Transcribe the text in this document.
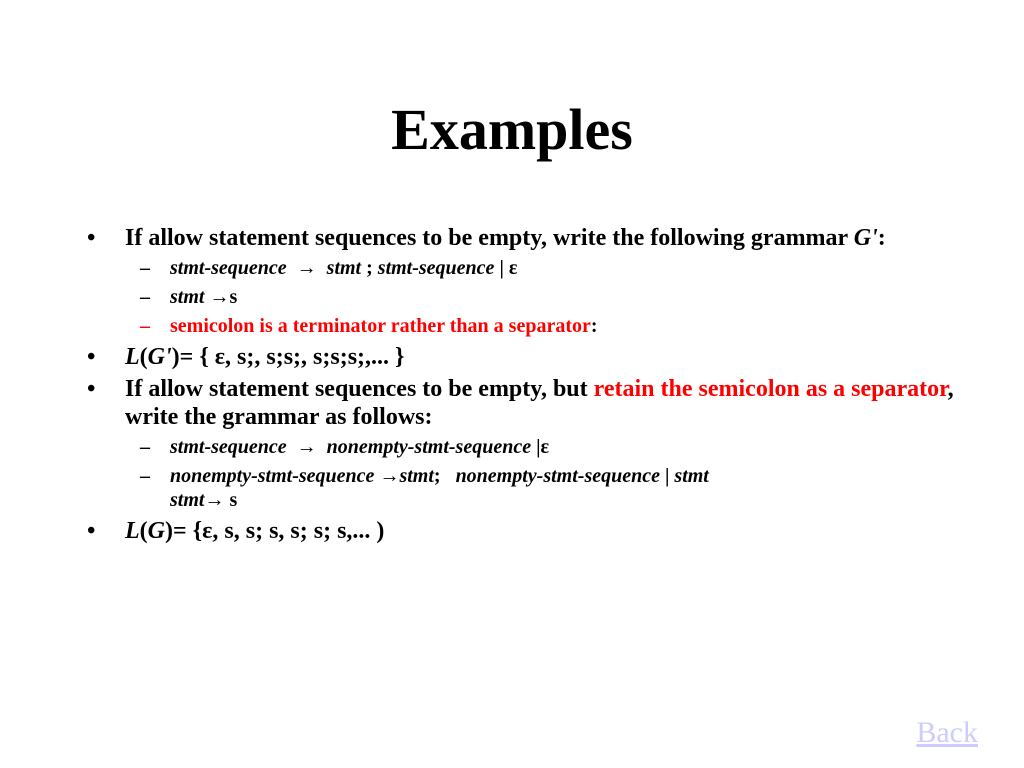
Examples
• If allow statement sequences to be empty, write the following grammar G':
– stmt-sequence → stmt ; stmt-sequence | ε
– stmt →s
– semicolon is a terminator rather than a separator:
• L(G')= { ε, s;, s;s;, s;s;s;,... }
• If allow statement sequences to be empty, but retain the semicolon as a separator, write the grammar as follows:
– stmt-sequence → nonempty-stmt-sequence |ε
– nonempty-stmt-sequence →stmt; nonempty-stmt-sequence | stmt
stmt→ s
• L(G)= {ε, s, s; s, s; s; s,... )
Back
